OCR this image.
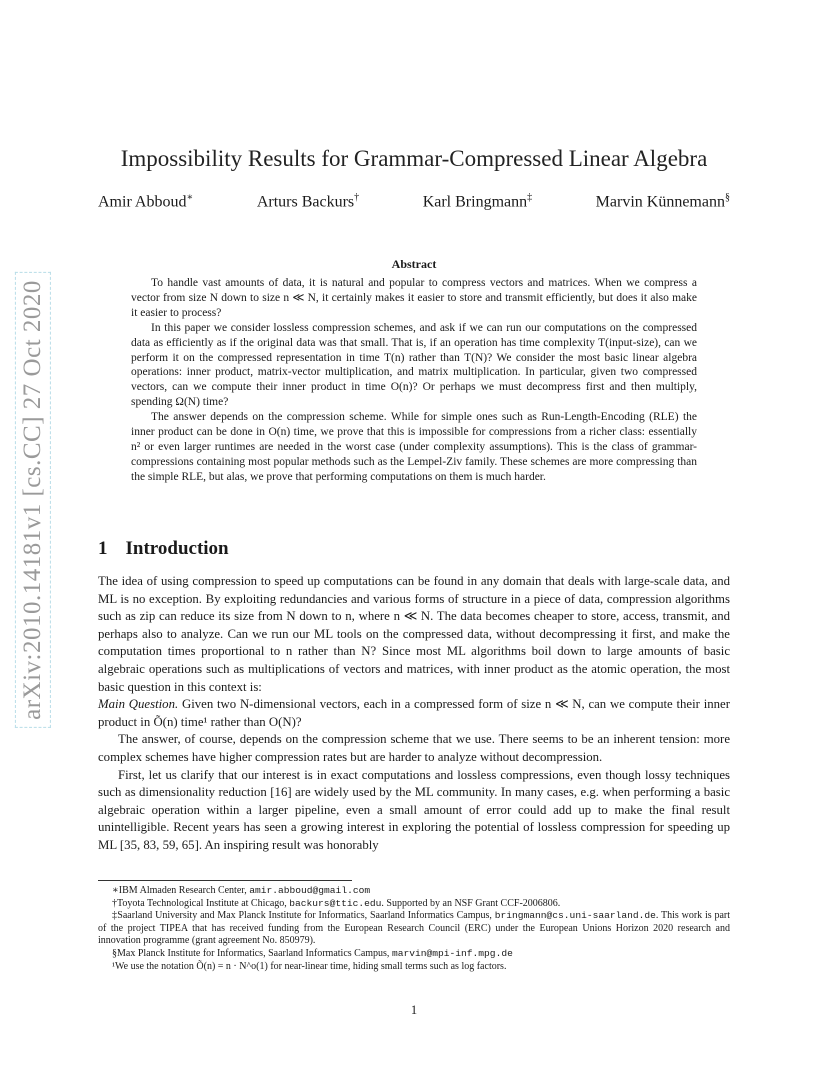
arXiv:2010.14181v1 [cs.CC] 27 Oct 2020
Impossibility Results for Grammar-Compressed Linear Algebra
Amir Abboud∗	Arturs Backurs†	Karl Bringmann‡	Marvin Künnemann§
Abstract

To handle vast amounts of data, it is natural and popular to compress vectors and matrices. When we compress a vector from size N down to size n ≪ N, it certainly makes it easier to store and transmit efficiently, but does it also make it easier to process?

In this paper we consider lossless compression schemes, and ask if we can run our computations on the compressed data as efficiently as if the original data was that small. That is, if an operation has time complexity T(input-size), can we perform it on the compressed representation in time T(n) rather than T(N)? We consider the most basic linear algebra operations: inner product, matrix-vector multiplication, and matrix multiplication. In particular, given two compressed vectors, can we compute their inner product in time O(n)? Or perhaps we must decompress first and then multiply, spending Ω(N) time?

The answer depends on the compression scheme. While for simple ones such as Run-Length-Encoding (RLE) the inner product can be done in O(n) time, we prove that this is impossible for compressions from a richer class: essentially n² or even larger runtimes are needed in the worst case (under complexity assumptions). This is the class of grammar-compressions containing most popular methods such as the Lempel-Ziv family. These schemes are more compressing than the simple RLE, but alas, we prove that performing computations on them is much harder.

1 Introduction

The idea of using compression to speed up computations can be found in any domain that deals with large-scale data, and ML is no exception. By exploiting redundancies and various forms of structure in a piece of data, compression algorithms such as zip can reduce its size from N down to n, where n ≪ N. The data becomes cheaper to store, access, transmit, and perhaps also to analyze. Can we run our ML tools on the compressed data, without decompressing it first, and make the computation times proportional to n rather than N? Since most ML algorithms boil down to large amounts of basic algebraic operations such as multiplications of vectors and matrices, with inner product as the atomic operation, the most basic question in this context is:

Main Question. Given two N-dimensional vectors, each in a compressed form of size n ≪ N, can we compute their inner product in Õ(n) time¹ rather than O(N)?

The answer, of course, depends on the compression scheme that we use. There seems to be an inherent tension: more complex schemes have higher compression rates but are harder to analyze without decompression.

First, let us clarify that our interest is in exact computations and lossless compressions, even though lossy techniques such as dimensionality reduction [16] are widely used by the ML community. In many cases, e.g. when performing a basic algebraic operation within a larger pipeline, even a small amount of error could add up to make the final result unintelligible. Recent years has seen a growing interest in exploring the potential of lossless compression for speeding up ML [35, 83, 59, 65]. An inspiring result was honorably

∗IBM Almaden Research Center, amir.abboud@gmail.com
†Toyota Technological Institute at Chicago, backurs@ttic.edu. Supported by an NSF Grant CCF-2006806.
‡Saarland University and Max Planck Institute for Informatics, Saarland Informatics Campus, bringmann@cs.uni-saarland.de. This work is part of the project TIPEA that has received funding from the European Research Council (ERC) under the European Unions Horizon 2020 research and innovation programme (grant agreement No. 850979).
§Max Planck Institute for Informatics, Saarland Informatics Campus, marvin@mpi-inf.mpg.de
¹We use the notation Õ(n) = n · N^o(1) for near-linear time, hiding small terms such as log factors.
1
